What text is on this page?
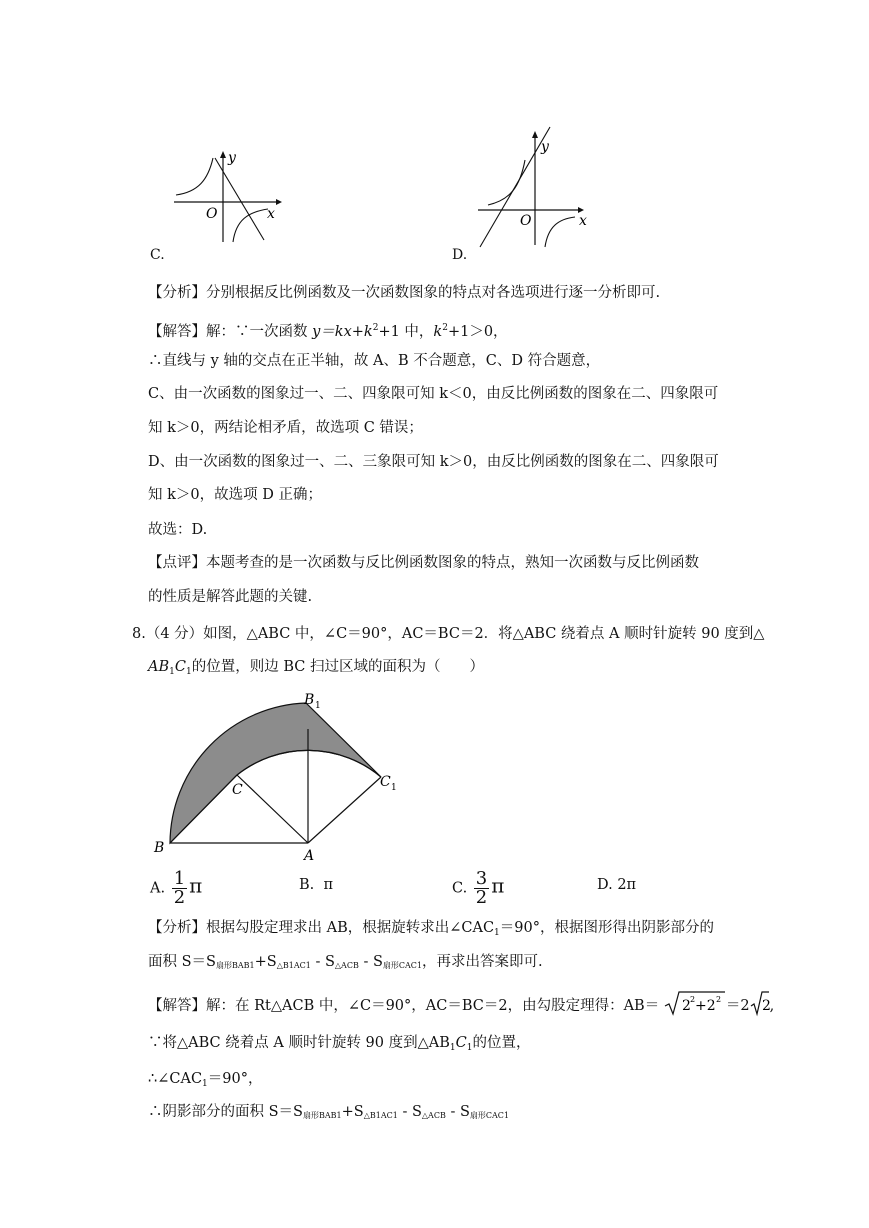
y
x
O
C.
y
x
O
D.
【分析】分别根据反比例函数及一次函数图象的特点对各选项进行逐一分析即可.
【解答】解：∵一次函数 $y=kx+k^2+1$ 中，$k^2+1>0$，
∴直线与 y 轴的交点在正半轴，故 A、B 不合题意，C、D 符合题意，
C、由一次函数的图象过一、二、四象限可知 k＜0，由反比例函数的图象在二、四象限可
知 k＞0，两结论相矛盾，故选项 C 错误；
D、由一次函数的图象过一、二、三象限可知 k＞0，由反比例函数的图象在二、四象限可
知 k＞0，故选项 D 正确；
故选：D.
【点评】本题考查的是一次函数与反比例函数图象的特点，熟知一次函数与反比例函数
的性质是解答此题的关键.
8.（4 分）如图，△ABC 中，∠C＝90°，AC＝BC＝2．将△ABC 绕着点 A 顺时针旋转 90 度到△
$AB_1C_1$的位置，则边 BC 扫过区域的面积为（　　）
B	A
C
B 1
C 1
A. $\frac{1}{2}$ π	B. π	C. $\frac{3}{2}$ π	D. 2π
【分析】根据勾股定理求出 AB，根据旋转求出$\angle CAC_1=90^\circ$，根据图形得出阴影部分的
面积 S＝S扇形BAB1+S△B1AC1 - S△ACB - S扇形CAC1，再求出答案即可.
【解答】解：在 Rt△ACB 中，∠C＝90°，AC＝BC＝2，由勾股定理得：AB＝ 2 2 +2 2 ＝2 2 ,
∵将△ABC 绕着点 A 顺时针旋转 90 度到$\triangle AB_1C_1$的位置，
$\therefore\angle CAC_1=90^\circ$，
∴阴影部分的面积 S＝S扇形BAB1+S△B1AC1 - S△ACB - S扇形CAC1
